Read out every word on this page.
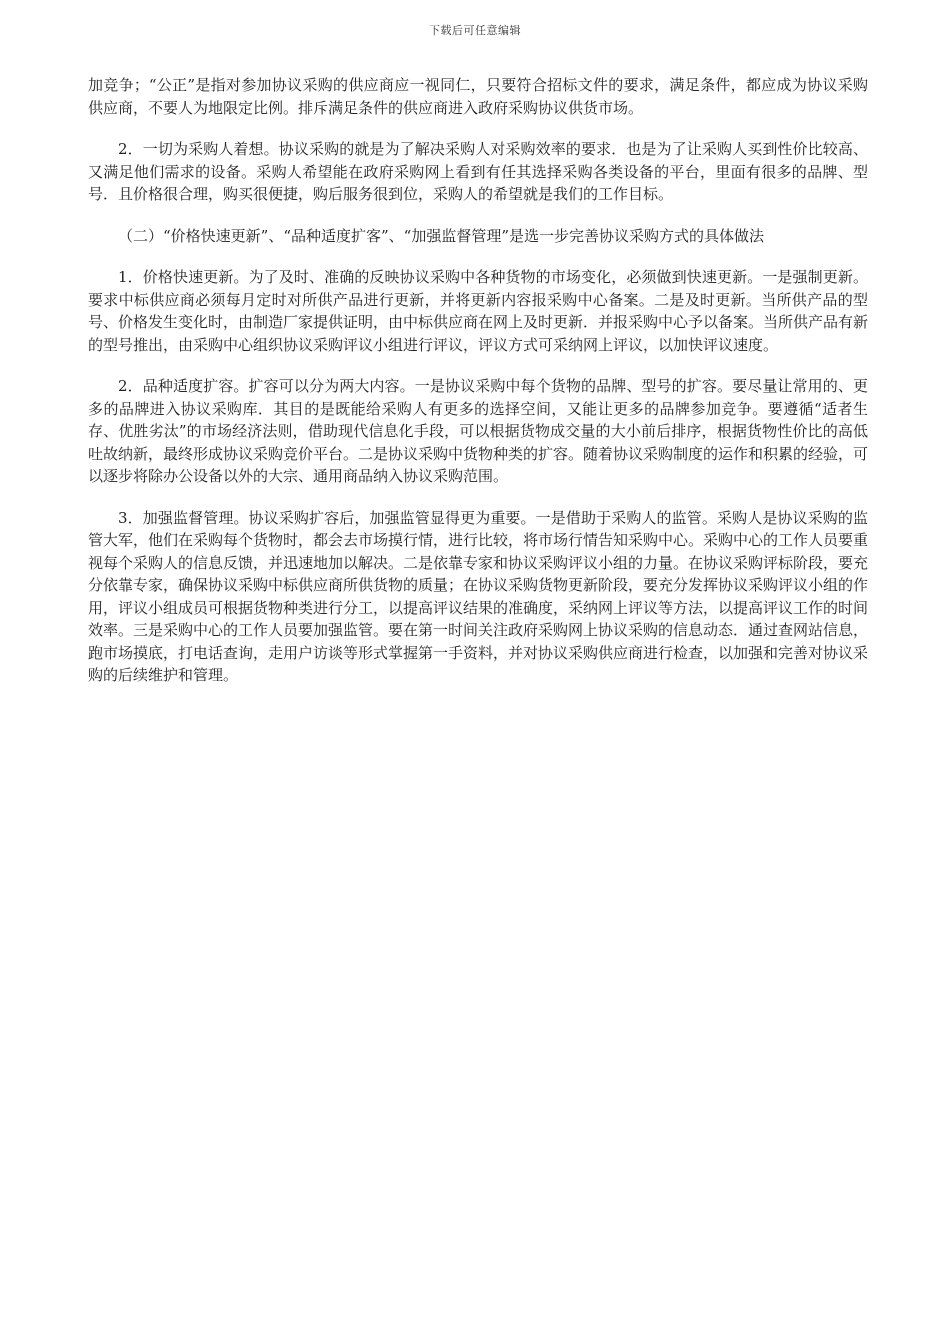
下载后可任意编辑

加竞争；“公正”是指对参加协议采购的供应商应一视同仁，只要符合招标文件的要求，满足条件，都应成为协议采购供应商，不要人为地限定比例。排斥满足条件的供应商进入政府采购协议供货市场。

2．一切为采购人着想。协议采购的就是为了解决采购人对采购效率的要求．也是为了让采购人买到性价比较高、又满足他们需求的设备。采购人希望能在政府采购网上看到有任其选择采购各类设备的平台，里面有很多的品牌、型号．且价格很合理，购买很便捷，购后服务很到位，采购人的希望就是我们的工作目标。

（二）“价格快速更新”、“品种适度扩客”、“加强监督管理”是选一步完善协议采购方式的具体做法

1．价格快速更新。为了及时、准确的反映协议采购中各种货物的市场变化，必须做到快速更新。一是强制更新。要求中标供应商必须每月定时对所供产品进行更新，并将更新内容报采购中心备案。二是及时更新。当所供产品的型号、价格发生变化时，由制造厂家提供证明，由中标供应商在网上及时更新．并报采购中心予以备案。当所供产品有新的型号推出，由采购中心组织协议采购评议小组进行评议，评议方式可采纳网上评议，以加快评议速度。

2．品种适度扩容。扩容可以分为两大内容。一是协议采购中每个货物的品牌、型号的扩容。要尽量让常用的、更多的品牌进入协议采购库．其目的是既能给采购人有更多的选择空间，又能让更多的品牌参加竞争。要遵循“适者生存、优胜劣汰”的市场经济法则，借助现代信息化手段，可以根据货物成交量的大小前后排序，根据货物性价比的高低吐故纳新，最终形成协议采购竞价平台。二是协议采购中货物种类的扩容。随着协议采购制度的运作和积累的经验，可以逐步将除办公设备以外的大宗、通用商品纳入协议采购范围。

3．加强监督管理。协议采购扩容后，加强监管显得更为重要。一是借助于采购人的监管。采购人是协议采购的监管大军，他们在采购每个货物时，都会去市场摸行情，进行比较，将市场行情告知采购中心。采购中心的工作人员要重视每个采购人的信息反馈，并迅速地加以解决。二是依靠专家和协议采购评议小组的力量。在协议采购评标阶段，要充分依靠专家，确保协议采购中标供应商所供货物的质量；在协议采购货物更新阶段，要充分发挥协议采购评议小组的作用，评议小组成员可根据货物种类进行分工，以提高评议结果的准确度，采纳网上评议等方法，以提高评议工作的时间效率。三是采购中心的工作人员要加强监管。要在第一时间关注政府采购网上协议采购的信息动态．通过查网站信息，跑市场摸底，打电话查询，走用户访谈等形式掌握第一手资料，并对协议采购供应商进行检查，以加强和完善对协议采购的后续维护和管理。
